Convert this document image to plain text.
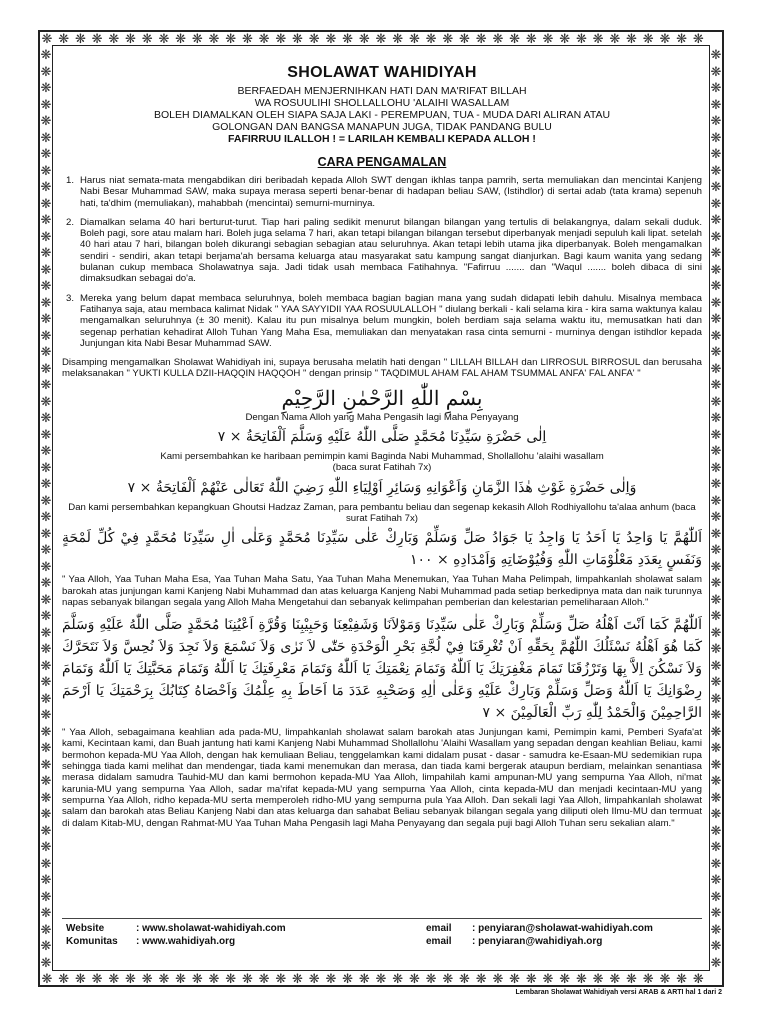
❋
❋
❋
❋
❋
❋
❋
❋
❋
❋
❋
❋
❋
❋
❋
❋
❋
❋
❋
❋
❋
❋
❋
❋
❋
❋
❋
❋
❋
❋
❋
❋
❋
❋
❋
❋
❋
❋
❋
❋
❋
❋
❋
❋
❋
❋
❋
❋
❋
❋
❋
❋
❋
❋
❋
❋
❋
❋
❋
❋
❋
❋
❋
❋
❋
❋
❋
❋
❋
❋
❋
❋
❋
❋
❋
❋
❋
❋
❋
❋
❋	❋
❋	❋
❋	❋
❋	❋
❋	❋
❋	❋
❋	❋
❋	❋
❋	❋
❋	❋
❋	❋
❋	❋
❋	❋
❋	❋
❋	❋
❋	❋
❋	❋
❋	❋
❋	❋
❋	❋
❋	❋
❋	❋
❋	❋
❋	❋
❋	❋
❋	❋
❋	❋
❋	❋
❋	❋
❋	❋
❋	❋
❋	❋
❋	❋
❋	❋
❋	❋
❋	❋
❋	❋
❋	❋
❋	❋
❋	❋
❋	❋
❋	❋
❋	❋
❋	❋
❋	❋
❋	❋
❋	❋
❋	❋
❋	❋
❋	❋
❋	❋
❋	❋
❋	❋
❋	❋
❋	❋
❋	❋
SHOLAWAT WAHIDIYAH
BERFAEDAH MENJERNIHKAN HATI DAN MA'RIFAT BILLAH
WA ROSUULIHI SHOLLALLOHU 'ALAIHI WASALLAM
BOLEH DIAMALKAN OLEH SIAPA SAJA LAKI - PEREMPUAN, TUA - MUDA DARI ALIRAN ATAU
GOLONGAN DAN BANGSA MANAPUN JUGA, TIDAK PANDANG BULU
FAFIRRUU ILALLOH ! = LARILAH KEMBALI KEPADA ALLOH !
CARA PENGAMALAN
1. Harus niat semata-mata mengabdikan diri beribadah kepada Alloh SWT dengan ikhlas tanpa pamrih, serta memuliakan dan mencintai Kanjeng Nabi Besar Muhammad SAW, maka supaya merasa seperti benar-benar di hadapan beliau SAW, (Istihdlor) di sertai adab (tata krama) sepenuh hati, ta'dhim (memuliakan), mahabbah (mencintai) semurni-murninya.
2. Diamalkan selama 40 hari berturut-turut. Tiap hari paling sedikit menurut bilangan bilangan yang tertulis di belakangnya, dalam sekali duduk. Boleh pagi, sore atau malam hari. Boleh juga selama 7 hari, akan tetapi bilangan bilangan tersebut diperbanyak menjadi sepuluh kali lipat. setelah 40 hari atau 7 hari, bilangan boleh dikurangi sebagian sebagian atau seluruhnya. Akan tetapi lebih utama jika diperbanyak. Boleh mengamalkan sendiri - sendiri, akan tetapi berjama'ah bersama keluarga atau masyarakat satu kampung sangat dianjurkan. Bagi kaum wanita yang sedang bulanan cukup membaca Sholawatnya saja. Jadi tidak usah membaca Fatihahnya. "Fafirruu ....... dan "Waqul ....... boleh dibaca di sini dimaksudkan sebagai do'a.
3. Mereka yang belum dapat membaca seluruhnya, boleh membaca bagian bagian mana yang sudah didapati lebih dahulu. Misalnya membaca Fatihanya saja, atau membaca kalimat Nidak " YAA SAYYIDII YAA ROSUULALLOH " diulang berkali - kali selama kira - kira sama waktunya kalau mengamalkan seluruhnya (± 30 menit). Kalau itu pun misalnya belum mungkin, boleh berdiam saja selama waktu itu, memusatkan hati dan segenap perhatian kehadirat Alloh Tuhan Yang Maha Esa, memuliakan dan menyatakan rasa cinta semurni - murninya dengan istihdlor kepada Junjungan kita Nabi Besar Muhammad SAW.

Disamping mengamalkan Sholawat Wahidiyah ini, supaya berusaha melatih hati dengan " LILLAH BILLAH dan LIRROSUL BIRROSUL dan berusaha melaksanakan " YUKTI KULLA DZII-HAQQIN HAQQOH " dengan prinsip " TAQDIMUL AHAM FAL AHAM TSUMMAL ANFA' FAL ANFA' "

بِسْمِ اللّٰهِ الرَّحْمٰنِ الرَّحِيْمِ
Dengan Nama Alloh yang Maha Pengasih lagi Maha Penyayang
اِلٰى حَضْرَةِ سَيِّدِنَا مُحَمَّدٍ صَلَّى اللّٰهُ عَلَيْهِ وَسَلَّمَ اَلْفَاتِحَةُ × ٧
Kami persembahkan ke haribaan pemimpin kami Baginda Nabi Muhammad, Shollallohu 'alaihi wasallam
(baca surat Fatihah 7x)
وَاِلٰى حَضْرَةِ غَوْثِ هٰذَا الزَّمَانِ وَاَعْوَانِهِ وَسَائِرِ اَوْلِيَاءِ اللّٰهِ رَضِيَ اللّٰهُ تَعَالٰى عَنْهُمْ اَلْفَاتِحَةُ × ٧
Dan kami persembahkan kepangkuan Ghoutsi Hadzaz Zaman, para pembantu beliau dan segenap kekasih Alloh Rodhiyallohu ta'alaa anhum (baca surat Fatihah 7x)
اَللّٰهُمَّ يَا وَاحِدُ يَا اَحَدُ يَا وَاجِدُ يَا جَوَادُ صَلِّ وَسَلِّمْ وَبَارِكْ عَلٰى سَيِّدِنَا مُحَمَّدٍ وَعَلٰى اٰلِ سَيِّدِنَا مُحَمَّدٍ فِيْ كُلِّ لَمْحَةٍ وَنَفَسٍ بِعَدَدِ مَعْلُوْمَاتِ اللّٰهِ وَفُيُوْضَاتِهِ وَاَمْدَادِهِ × ١٠٠

" Yaa Alloh, Yaa Tuhan Maha Esa, Yaa Tuhan Maha Satu, Yaa Tuhan Maha Menemukan, Yaa Tuhan Maha Pelimpah, limpahkanlah sholawat salam barokah atas junjungan kami Kanjeng Nabi Muhammad dan atas keluarga Kanjeng Nabi Muhammad pada setiap berkedipnya mata dan naik turunnya napas sebanyak bilangan segala yang Alloh Maha Mengetahui dan sebanyak kelimpahan pemberian dan kelestarian pemeliharaan Alloh."

اَللّٰهُمَّ كَمَا اَنْتَ اَهْلُهُ صَلِّ وَسَلِّمْ وَبَارِكْ عَلٰى سَيِّدِنَا وَمَوْلاَنَا وَشَفِيْعِنَا وَحَبِيْبِنَا وَقُرَّةِ اَعْيُنِنَا مُحَمَّدٍ صَلَّى اللّٰهُ عَلَيْهِ وَسَلَّمَ كَمَا هُوَ اَهْلُهُ نَسْئَلُكَ اللّٰهُمَّ بِحَقِّهِ اَنْ تُغْرِقَنَا فِيْ لُجَّةِ بَحْرِ الْوَحْدَةِ حَتّٰى لاَ نَرٰى وَلاَ نَسْمَعَ وَلاَ نَجِدَ وَلاَ نُحِسَّ وَلاَ نَتَحَرَّكَ وَلاَ نَسْكُنَ اِلاَّ بِهَا وَتَرْزُقَنَا تَمَامَ مَغْفِرَتِكَ يَا اَللّٰهُ وَتَمَامَ نِعْمَتِكَ يَا اَللّٰهُ وَتَمَامَ مَعْرِفَتِكَ يَا اَللّٰهُ وَتَمَامَ مَحَبَّتِكَ يَا اَللّٰهُ وَتَمَامَ رِضْوَانِكَ يَا اَللّٰهُ وَصَلِّ وَسَلِّمْ وَبَارِكْ عَلَيْهِ وَعَلٰى اٰلِهِ وَصَحْبِهِ عَدَدَ مَا اَحَاطَ بِهِ عِلْمُكَ وَاَحْصَاهُ كِتَابُكَ بِرَحْمَتِكَ يَا اَرْحَمَ الرَّاحِمِيْنَ وَالْحَمْدُ لِلّٰهِ رَبِّ الْعَالَمِيْنَ × ٧

" Yaa Alloh, sebagaimana keahlian ada pada-MU, limpahkanlah sholawat salam barokah atas Junjungan kami, Pemimpin kami, Pemberi Syafa'at kami, Kecintaan kami, dan Buah jantung hati kami Kanjeng Nabi Muhammad Shollallohu 'Alaihi Wasallam yang sepadan dengan keahlian Beliau, kami bermohon kepada-MU Yaa Alloh, dengan hak kemuliaan Beliau, tenggelamkan kami didalam pusat - dasar - samudra ke-Esaan-MU sedemikian rupa sehingga tiada kami melihat dan mendengar, tiada kami menemukan dan merasa, dan tiada kami bergerak ataupun berdiam, melainkan senantiasa merasa didalam samudra Tauhid-MU dan kami bermohon kepada-MU Yaa Alloh, limpahilah kami ampunan-MU yang sempurna Yaa Alloh, ni'mat karunia-MU yang sempurna Yaa Alloh, sadar ma'rifat kepada-MU yang sempurna Yaa Alloh, cinta kepada-MU dan menjadi kecintaan-MU yang sempurna Yaa Alloh, ridho kepada-MU serta memperoleh ridho-MU yang sempurna pula Yaa Alloh. Dan sekali lagi Yaa Alloh, limpahkanlah sholawat salam dan barokah atas Beliau Kanjeng Nabi dan atas keluarga dan sahabat Beliau sebanyak bilangan segala yang diliputi oleh Ilmu-MU dan termuat di dalam Kitab-MU, dengan Rahmat-MU Yaa Tuhan Maha Pengasih lagi Maha Penyayang dan segala puji bagi Alloh Tuhan seru sekalian alam."

Website	: www.sholawat-wahidiyah.com	email	: penyiaran@sholawat-wahidiyah.com
Komunitas	: www.wahidiyah.org	email	: penyiaran@wahidiyah.org
Lembaran Sholawat Wahidiyah versi ARAB & ARTI hal 1 dari 2
